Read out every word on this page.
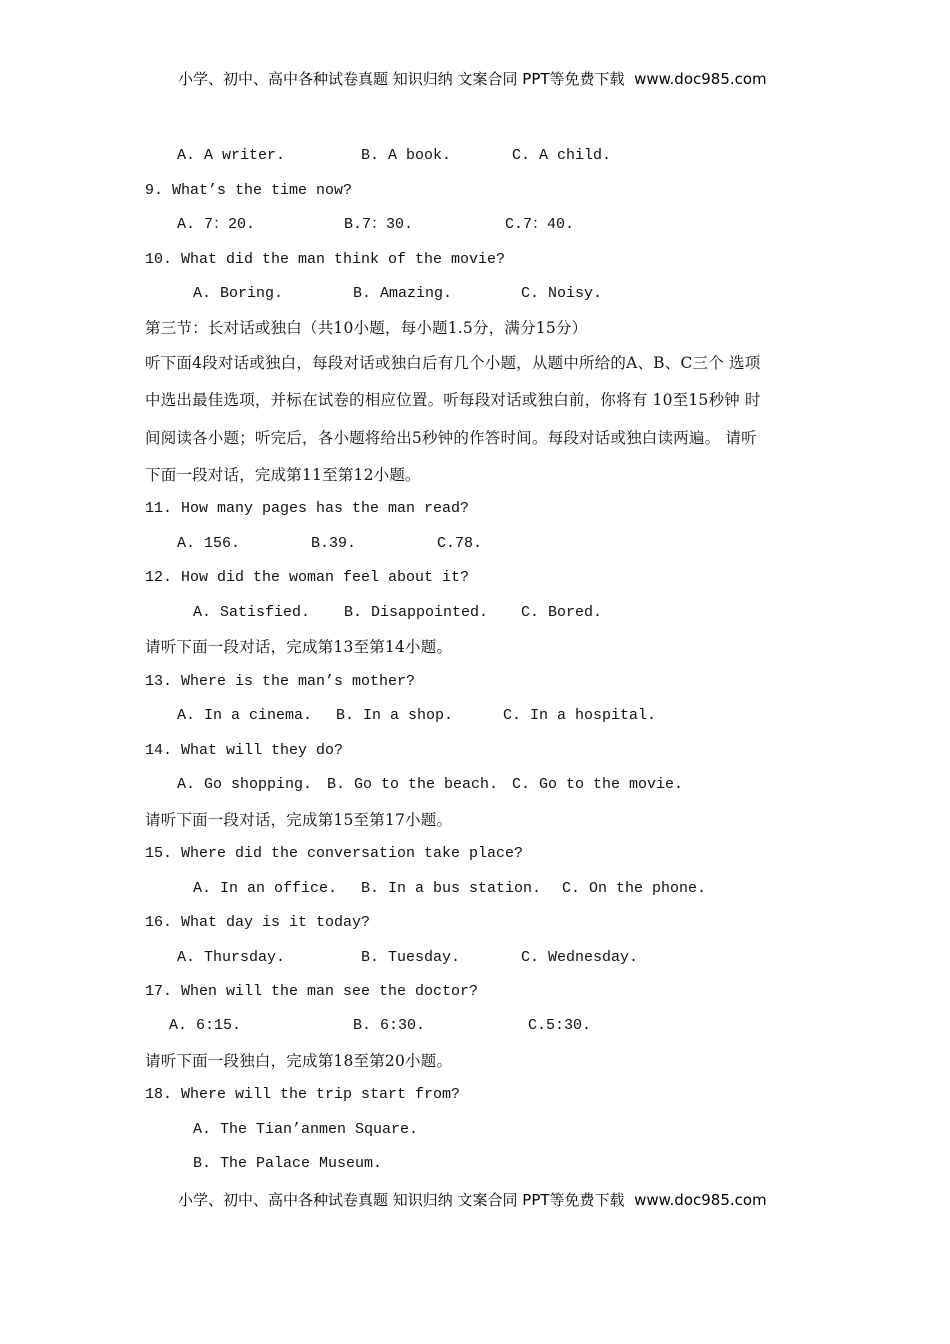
小学、初中、高中各种试卷真题 知识归纳 文案合同 PPT等免费下载  www.doc985.com
A. A writer.	B. A book.	C. A child.
9. What’s the time now?
A. 7：20.	B.7：30.	C.7：40.
10. What did the man think of the movie?
A. Boring.	B. Amazing.	C. Noisy.
第三节：长对话或独白（共10小题，每小题1.5分，满分15分）
听下面4段对话或独白，每段对话或独白后有几个小题，从题中所给的A、B、C三个 选项
中选出最佳选项，并标在试卷的相应位置。听每段对话或独白前，你将有 10至15秒钟 时
间阅读各小题；听完后，各小题将给出5秒钟的作答时间。每段对话或独白读两遍。 请听
下面一段对话，完成第11至第12小题。
11. How many pages has the man read?
A. 156.	B.39.	C.78.
12. How did the woman feel about it?
A. Satisfied. B. Disappointed. C. Bored.
请听下面一段对话，完成第13至第14小题。
13. Where is the man’s mother?
A. In a cinema. B. In a shop.	C. In a hospital.
14. What will they do?
A. Go shopping. B. Go to the beach. C. Go to the movie.
请听下面一段对话，完成第15至第17小题。
15. Where did the conversation take place?
A. In an office. B. In a bus station. C. On the phone.
16. What day is it today?
A. Thursday.	B. Tuesday.	C. Wednesday.
17. When will the man see the doctor?
A. 6:15.	B. 6:30.	C.5:30.
请听下面一段独白，完成第18至第20小题。
18. Where will the trip start from?
A. The Tian’anmen Square.
B. The Palace Museum.
小学、初中、高中各种试卷真题 知识归纳 文案合同 PPT等免费下载  www.doc985.com
